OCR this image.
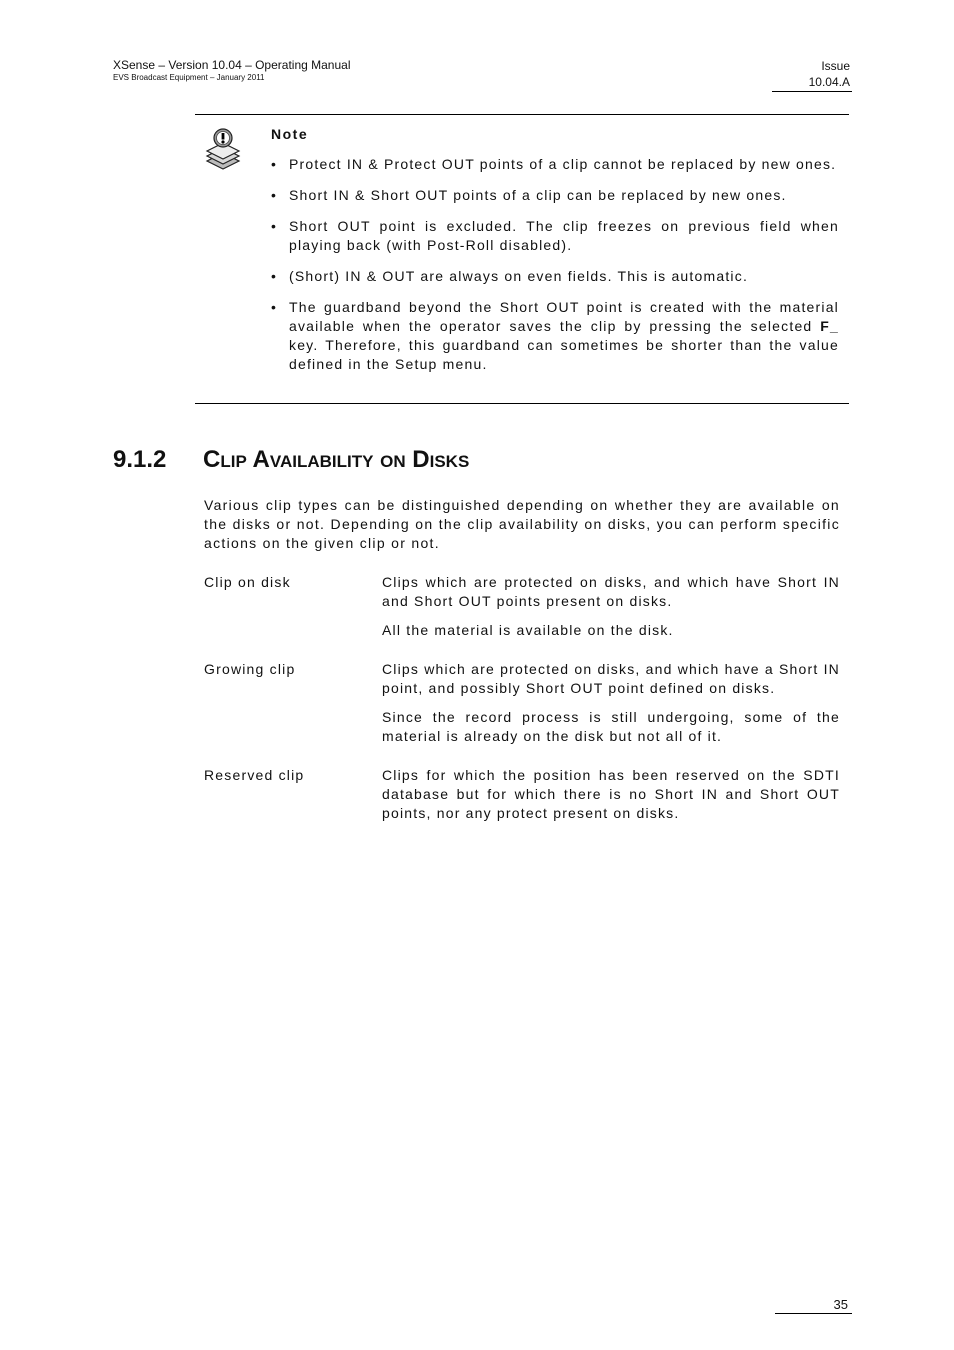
XSense – Version 10.04 – Operating Manual
EVS Broadcast Equipment – January 2011
Issue
10.04.A
Note
• Protect IN & Protect OUT points of a clip cannot be replaced by new ones.
• Short IN & Short OUT points of a clip can be replaced by new ones.
• Short OUT point is excluded. The clip freezes on previous field when playing back (with Post-Roll disabled).
• (Short) IN & OUT are always on even fields. This is automatic.
• The guardband beyond the Short OUT point is created with the material available when the operator saves the clip by pressing the selected F_ key. Therefore, this guardband can sometimes be shorter than the value defined in the Setup menu.
9.1.2 Clip Availability on Disks

Various clip types can be distinguished depending on whether they are available on the disks or not. Depending on the clip availability on disks, you can perform specific actions on the given clip or not.

Clip on disk	Clips which are protected on disks, and which have Short IN and Short OUT points present on disks.

All the material is available on the disk.

Growing clip	Clips which are protected on disks, and which have a Short IN point, and possibly Short OUT point defined on disks.

Since the record process is still undergoing, some of the material is already on the disk but not all of it.

Reserved clip	Clips for which the position has been reserved on the SDTI database but for which there is no Short IN and Short OUT points, nor any protect present on disks.

35
